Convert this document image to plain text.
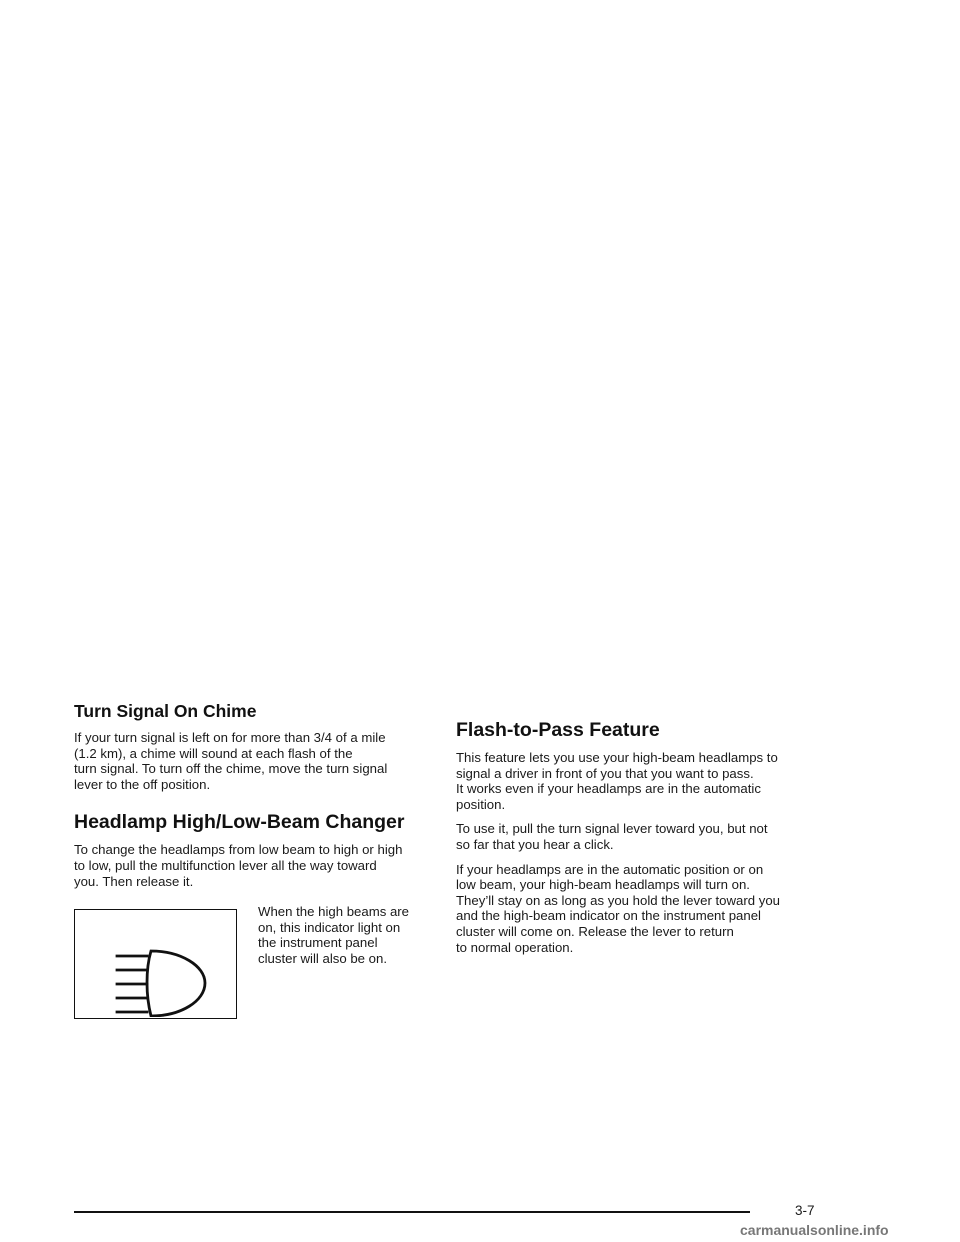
Turn Signal On Chime

If your turn signal is left on for more than 3/4 of a mile
(1.2 km), a chime will sound at each flash of the
turn signal. To turn off the chime, move the turn signal
lever to the off position.

Headlamp High/Low-Beam Changer

To change the headlamps from low beam to high or high
to low, pull the multifunction lever all the way toward
you. Then release it.

When the high beams are
on, this indicator light on
the instrument panel
cluster will also be on.

Flash-to-Pass Feature

This feature lets you use your high-beam headlamps to
signal a driver in front of you that you want to pass.
It works even if your headlamps are in the automatic
position.

To use it, pull the turn signal lever toward you, but not
so far that you hear a click.

If your headlamps are in the automatic position or on
low beam, your high-beam headlamps will turn on.
They’ll stay on as long as you hold the lever toward you
and the high-beam indicator on the instrument panel
cluster will come on. Release the lever to return
to normal operation.

3-7
carmanualsonline.info
